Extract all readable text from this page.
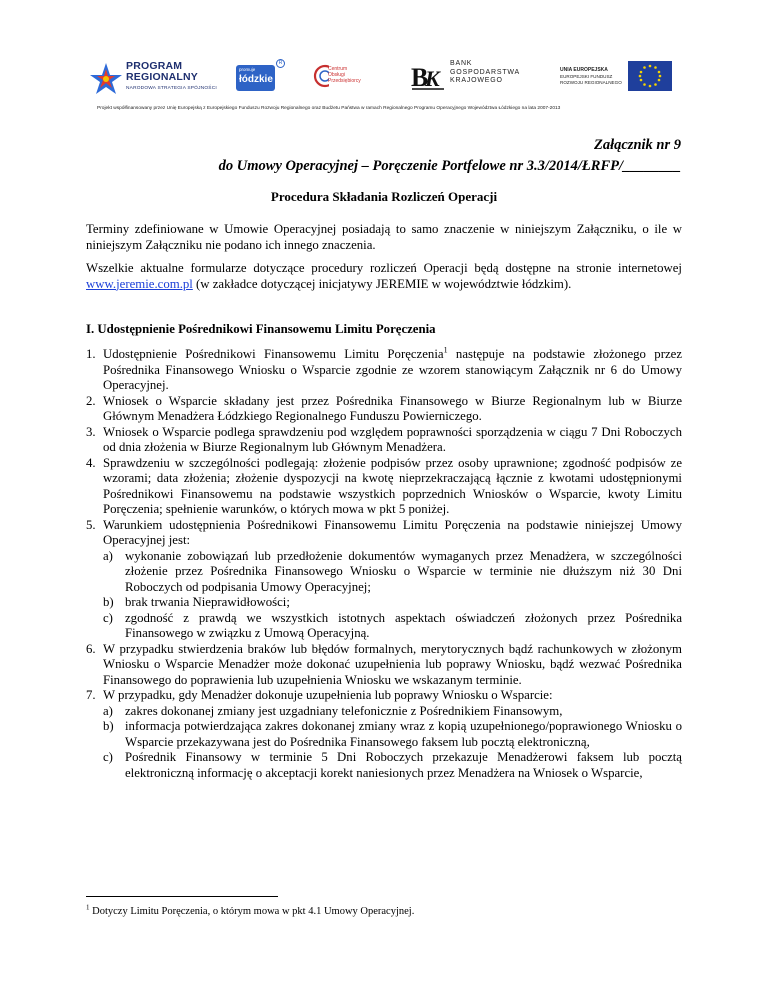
PROGRAM
REGIONALNY
NARODOWA STRATEGIA SPÓJNOŚCI
promuje
łódzkie
R
Centrum
Obsługi
Przedsiębiorcy B
K
BANK
GOSPODARSTWA
KRAJOWEGO
UNIA EUROPEJSKA
EUROPEJSKI FUNDUSZ
ROZWOJU REGIONALNEGO
Projekt współfinansowany przez Unię Europejską z Europejskiego Funduszu Rozwoju Regionalnego oraz Budżetu Państwa w ramach Regionalnego Programu Operacyjnego Województwa Łódzkiego na lata 2007-2013
Załącznik nr 9
do Umowy Operacyjnej – Poręczenie Portfelowe nr 3.3/2014/ŁRFP/________
Procedura Składania Rozliczeń Operacji
Terminy zdefiniowane w Umowie Operacyjnej posiadają to samo znaczenie w niniejszym Załączniku, o ile w niniejszym Załączniku nie podano ich innego znaczenia.
Wszelkie aktualne formularze dotyczące procedury rozliczeń Operacji będą dostępne na stronie internetowej www.jeremie.com.pl (w zakładce dotyczącej inicjatywy JEREMIE w województwie łódzkim).
I. Udostępnienie Pośrednikowi Finansowemu Limitu Poręczenia
1. Udostępnienie Pośrednikowi Finansowemu Limitu Poręczenia$^1$ następuje na podstawie złożonego przez Pośrednika Finansowego Wniosku o Wsparcie zgodnie ze wzorem stanowiącym Załącznik nr 6 do Umowy Operacyjnej.
2. Wniosek o Wsparcie składany jest przez Pośrednika Finansowego w Biurze Regionalnym lub w Biurze Głównym Menadżera Łódzkiego Regionalnego Funduszu Powierniczego.
3. Wniosek o Wsparcie podlega sprawdzeniu pod względem poprawności sporządzenia w ciągu 7 Dni Roboczych od dnia złożenia w Biurze Regionalnym lub Głównym Menadżera.
4. Sprawdzeniu w szczególności podlegają: złożenie podpisów przez osoby uprawnione; zgodność podpisów ze wzorami; data złożenia; złożenie dyspozycji na kwotę nieprzekraczającą łącznie z kwotami udostępnionymi Pośrednikowi Finansowemu na podstawie wszystkich poprzednich Wniosków o Wsparcie, kwoty Limitu Poręczenia; spełnienie warunków, o których mowa w pkt 5 poniżej.
5. Warunkiem udostępnienia Pośrednikowi Finansowemu Limitu Poręczenia na podstawie niniejszej Umowy Operacyjnej jest:
a) wykonanie zobowiązań lub przedłożenie dokumentów wymaganych przez Menadżera, w szczególności złożenie przez Pośrednika Finansowego Wniosku o Wsparcie w terminie nie dłuższym niż 30 Dni Roboczych od podpisania Umowy Operacyjnej;
b) brak trwania Nieprawidłowości;
c) zgodność z prawdą we wszystkich istotnych aspektach oświadczeń złożonych przez Pośrednika Finansowego w związku z Umową Operacyjną.
6. W przypadku stwierdzenia braków lub błędów formalnych, merytorycznych bądź rachunkowych w złożonym Wniosku o Wsparcie Menadżer może dokonać uzupełnienia lub poprawy Wniosku, bądź wezwać Pośrednika Finansowego do poprawienia lub uzupełnienia Wniosku we wskazanym terminie.
7. W przypadku, gdy Menadżer dokonuje uzupełnienia lub poprawy Wniosku o Wsparcie:
a) zakres dokonanej zmiany jest uzgadniany telefonicznie z Pośrednikiem Finansowym,
b) informacja potwierdzająca zakres dokonanej zmiany wraz z kopią uzupełnionego/poprawionego Wniosku o Wsparcie przekazywana jest do Pośrednika Finansowego faksem lub pocztą elektroniczną,
c) Pośrednik Finansowy w terminie 5 Dni Roboczych przekazuje Menadżerowi faksem lub pocztą elektroniczną informację o akceptacji korekt naniesionych przez Menadżera na Wniosek o Wsparcie,
$^1$ Dotyczy Limitu Poręczenia, o którym mowa w pkt 4.1 Umowy Operacyjnej.
